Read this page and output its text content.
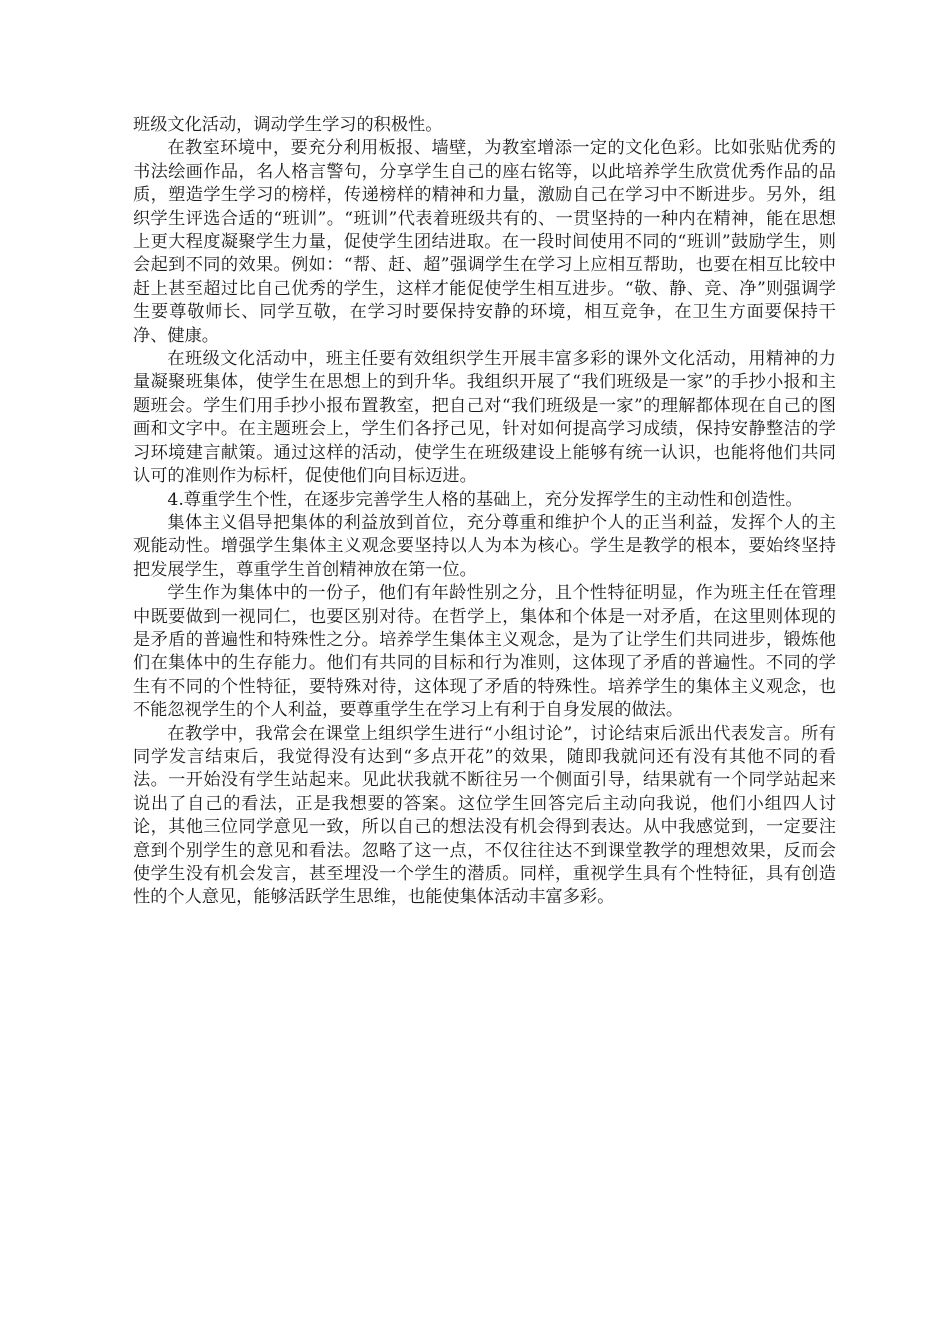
班级文化活动，调动学生学习的积极性。

在教室环境中，要充分利用板报、墙壁，为教室增添一定的文化色彩。比如张贴优秀的书法绘画作品，名人格言警句，分享学生自己的座右铭等，以此培养学生欣赏优秀作品的品质，塑造学生学习的榜样，传递榜样的精神和力量，激励自己在学习中不断进步。另外，组织学生评选合适的“班训”。“班训”代表着班级共有的、一贯坚持的一种内在精神，能在思想上更大程度凝聚学生力量，促使学生团结进取。在一段时间使用不同的“班训”鼓励学生，则会起到不同的效果。例如：“帮、赶、超”强调学生在学习上应相互帮助，也要在相互比较中赶上甚至超过比自己优秀的学生，这样才能促使学生相互进步。“敬、静、竞、净”则强调学生要尊敬师长、同学互敬，在学习时要保持安静的环境，相互竞争，在卫生方面要保持干净、健康。

在班级文化活动中，班主任要有效组织学生开展丰富多彩的课外文化活动，用精神的力量凝聚班集体，使学生在思想上的到升华。我组织开展了“我们班级是一家”的手抄小报和主题班会。学生们用手抄小报布置教室，把自己对“我们班级是一家”的理解都体现在自己的图画和文字中。在主题班会上，学生们各抒己见，针对如何提高学习成绩，保持安静整洁的学习环境建言献策。通过这样的活动，使学生在班级建设上能够有统一认识，也能将他们共同认可的准则作为标杆，促使他们向目标迈进。

4.尊重学生个性，在逐步完善学生人格的基础上，充分发挥学生的主动性和创造性。

集体主义倡导把集体的利益放到首位，充分尊重和维护个人的正当利益，发挥个人的主观能动性。增强学生集体主义观念要坚持以人为本为核心。学生是教学的根本，要始终坚持把发展学生，尊重学生首创精神放在第一位。

学生作为集体中的一份子，他们有年龄性别之分，且个性特征明显，作为班主任在管理中既要做到一视同仁，也要区别对待。在哲学上，集体和个体是一对矛盾，在这里则体现的是矛盾的普遍性和特殊性之分。培养学生集体主义观念，是为了让学生们共同进步，锻炼他们在集体中的生存能力。他们有共同的目标和行为准则，这体现了矛盾的普遍性。不同的学生有不同的个性特征，要特殊对待，这体现了矛盾的特殊性。培养学生的集体主义观念，也不能忽视学生的个人利益，要尊重学生在学习上有利于自身发展的做法。

在教学中，我常会在课堂上组织学生进行“小组讨论”，讨论结束后派出代表发言。所有同学发言结束后，我觉得没有达到“多点开花”的效果，随即我就问还有没有其他不同的看法。一开始没有学生站起来。见此状我就不断往另一个侧面引导，结果就有一个同学站起来说出了自己的看法，正是我想要的答案。这位学生回答完后主动向我说，他们小组四人讨论，其他三位同学意见一致，所以自己的想法没有机会得到表达。从中我感觉到，一定要注意到个别学生的意见和看法。忽略了这一点，不仅往往达不到课堂教学的理想效果，反而会使学生没有机会发言，甚至埋没一个学生的潜质。同样，重视学生具有个性特征，具有创造性的个人意见，能够活跃学生思维，也能使集体活动丰富多彩。
